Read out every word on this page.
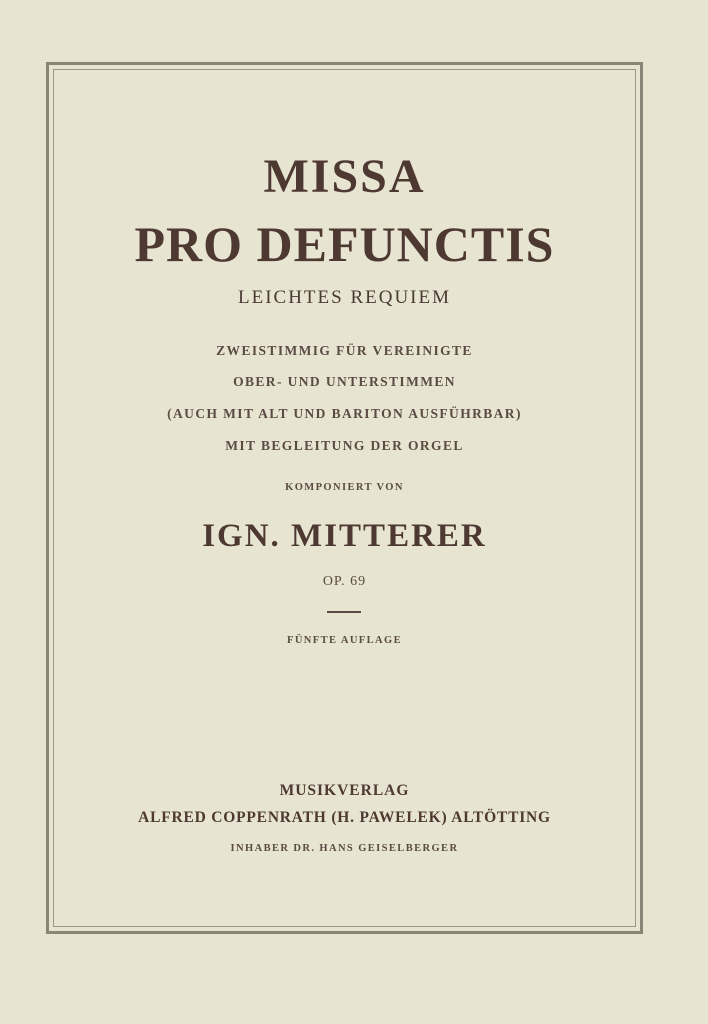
MISSA
PRO DEFUNCTIS
LEICHTES REQUIEM
ZWEISTIMMIG FÜR VEREINIGTE
OBER- UND UNTERSTIMMEN
(AUCH MIT ALT UND BARITON AUSFÜHRBAR)
MIT BEGLEITUNG DER ORGEL
KOMPONIERT VON
IGN. MITTERER
OP. 69
FÜNFTE AUFLAGE
MUSIKVERLAG
ALFRED COPPENRATH (H. PAWELEK) ALTÖTTING
INHABER DR. HANS GEISELBERGER
